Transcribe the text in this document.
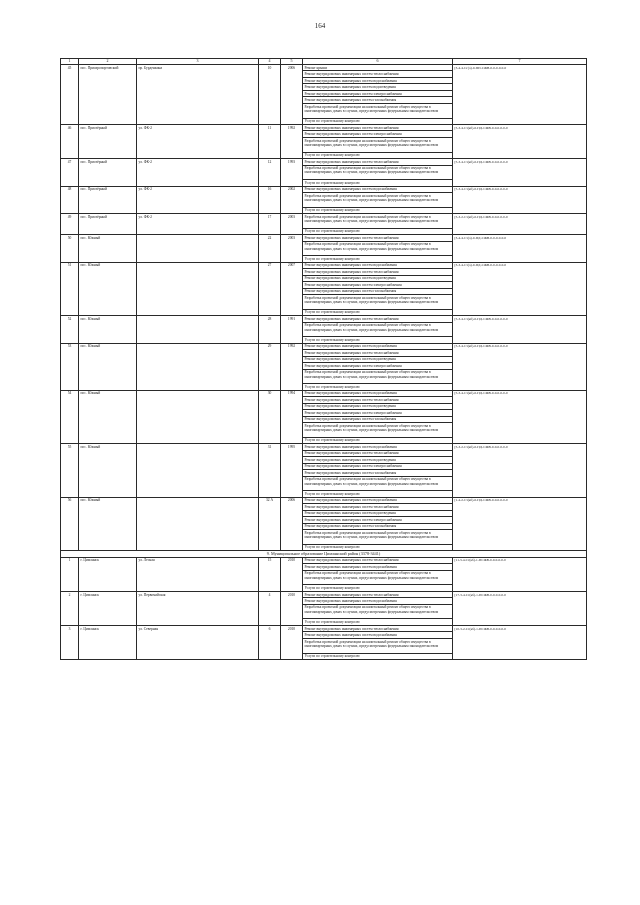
164
1	2	3	4	5	6	7
45	пос. Приаэропортовский	пр. Бурденкина	10	2006	Ремонт крыши	[3-4-4-Сг(ч)-0-ПП-СЖВ-0-0-0-0-0-0
					Ремонт внутридомовых инженерных систем теплоснабжения	
					Ремонт внутридомовых инженерных систем водоснабжения	
					Ремонт внутридомовых инженерных систем водоотведения	
					Ремонт внутридомовых инженерных систем электроснабжения	
					Ремонт внутридомовых инженерных систем газоснабжения	
					Разработка проектной документации на капитальный ремонт общего имущества в многоквартирных домах в случаях, предусмотренных федеральным законодательством	
					Услуги по строительному контролю	
46	пос. Приозёрный	ул. ФК-2	11	1992	Ремонт внутридомовых инженерных систем теплоснабжения	[5-3-4-Ст(кб)-0-ПД-СЖВ-0-0-0-0-0-0
					Ремонт внутридомовых инженерных систем электроснабжения	
					Разработка проектной документации на капитальный ремонт общего имущества в многоквартирных домах в случаях, предусмотренных федеральным законодательством	
					Услуги по строительному контролю	
47	пос. Приозёрный	ул. ФК-2	12	1993	Ремонт внутридомовых инженерных систем теплоснабжения	[5-3-4-Ст(кб)-0-ПД-СЖВ-0-0-0-0-0-0
					Разработка проектной документации на капитальный ремонт общего имущества в многоквартирных домах в случаях, предусмотренных федеральным законодательством	
					Услуги по строительному контролю	
48	пос. Приозёрный	ул. ФК-2	16	2002	Ремонт внутридомовых инженерных систем водоснабжения	[5-3-4-Ст(кб)-0-ПД-СЖВ-0-0-0-0-0-0
					Разработка проектной документации на капитальный ремонт общего имущества в многоквартирных домах в случаях, предусмотренных федеральным законодательством	
					Услуги по строительному контролю	
49	пос. Приозёрный	ул. ФК-2	17	2003	Разработка проектной документации на капитальный ремонт общего имущества в многоквартирных домах в случаях, предусмотренных федеральным законодательством	[5-3-2-Ст(кб)-0-ПД-СЖВ-0-0-0-0-0-0
					Услуги по строительному контролю	
50	пос. Южный		22	2003	Ремонт внутридомовых инженерных систем теплоснабжения	[3-4-4-Ст(ч)-0-ПД-СЖВ-0-0-0-0-0-0
					Разработка проектной документации на капитальный ремонт общего имущества в многоквартирных домах в случаях, предусмотренных федеральным законодательством	
					Услуги по строительному контролю	
51	пос. Южный		27	2007	Ремонт внутридомовых инженерных систем водоснабжения	[3-3-4-Ст(ч)-0-ПД-СЖВ-0-0-0-0-0-0
					Ремонт внутридомовых инженерных систем теплоснабжения	
					Ремонт внутридомовых инженерных систем водоотведения	
					Ремонт внутридомовых инженерных систем электроснабжения	
					Ремонт внутридомовых инженерных систем газоснабжения	
					Разработка проектной документации на капитальный ремонт общего имущества в многоквартирных домах в случаях, предусмотренных федеральным законодательством	
					Услуги по строительному контролю	
52	пос. Южный		28	1991	Ремонт внутридомовых инженерных систем теплоснабжения	[5-3-4-Ст(кб)-0-ПД-СЖВ-0-0-0-0-0-0
					Разработка проектной документации на капитальный ремонт общего имущества в многоквартирных домах в случаях, предусмотренных федеральным законодательством	
					Услуги по строительному контролю	
53	пос. Южный		29	1992	Ремонт внутридомовых инженерных систем водоснабжения	[5-3-4-Ст(кб)-0-ПД-СЖВ-0-0-0-0-0-0
					Ремонт внутридомовых инженерных систем теплоснабжения	
					Ремонт внутридомовых инженерных систем водоотведения	
					Ремонт внутридомовых инженерных систем электроснабжения	
					Разработка проектной документации на капитальный ремонт общего имущества в многоквартирных домах в случаях, предусмотренных федеральным законодательством	
					Услуги по строительному контролю	
54	пос. Южный		30	1994	Ремонт внутридомовых инженерных систем водоснабжения	[5-3-4-Ст(кб)-0-ПД-СЖВ-0-0-0-0-0-0
					Ремонт внутридомовых инженерных систем теплоснабжения	
					Ремонт внутридомовых инженерных систем водоотведения	
					Ремонт внутридомовых инженерных систем электроснабжения	
					Ремонт внутридомовых инженерных систем газоснабжения	
					Разработка проектной документации на капитальный ремонт общего имущества в многоквартирных домах в случаях, предусмотренных федеральным законодательством	
					Услуги по строительному контролю	
55	пос. Южный		31	1995	Ремонт внутридомовых инженерных систем водоснабжения	[5-3-2-Ст(кб)-0-ПД-СЖВ-0-0-0-0-0-0
					Ремонт внутридомовых инженерных систем теплоснабжения	
					Ремонт внутридомовых инженерных систем водоотведения	
					Ремонт внутридомовых инженерных систем электроснабжения	
					Ремонт внутридомовых инженерных систем газоснабжения	
					Разработка проектной документации на капитальный ремонт общего имущества в многоквартирных домах в случаях, предусмотренных федеральным законодательством	
					Услуги по строительному контролю	
56	пос. Южный		32 А	2006	Ремонт внутридомовых инженерных систем водоснабжения	[1-4-2-Ст(кб)-0-ПД-СЖВ-0-0-0-0-0-0
					Ремонт внутридомовых инженерных систем теплоснабжения	
					Ремонт внутридомовых инженерных систем водоотведения	
					Ремонт внутридомовых инженерных систем электроснабжения	
					Ремонт внутридомовых инженерных систем газоснабжения	
					Разработка проектной документации на капитальный ремонт общего имущества в многоквартирных домах в случаях, предусмотренных федеральным законодательством	
					Услуги по строительному контролю	
9. Муниципальное образование Цимлянский район (3378-3441)						
1	г. Цимлянск	ул. Лесная	15	2010	Ремонт внутридомовых инженерных систем теплоснабжения	[11-3-4-Ст(кб)-1-ПСЖВ-0-0-0-0-0-0
					Ремонт внутридомовых инженерных систем водоснабжения	
					Разработка проектной документации на капитальный ремонт общего имущества в многоквартирных домах в случаях, предусмотренных федеральным законодательством	
					Услуги по строительному контролю	
2	г. Цимлянск	ул. Первомайская	4	2010	Ремонт внутридомовых инженерных систем теплоснабжения	[17-3-4-Ст(кб)-1-ПСЖВ-0-0-0-0-0-0
					Ремонт внутридомовых инженерных систем водоснабжения	
					Разработка проектной документации на капитальный ремонт общего имущества в многоквартирных домах в случаях, предусмотренных федеральным законодательством	
					Услуги по строительному контролю	
3	г. Цимлянск	ул. Северная	6	2010	Ремонт внутридомовых инженерных систем теплоснабжения	[10-3-2-Ст(кб)-1-ПСЖВ-0-0-0-0-0-0
					Ремонт внутридомовых инженерных систем водоснабжения	
					Разработка проектной документации на капитальный ремонт общего имущества в многоквартирных домах в случаях, предусмотренных федеральным законодательством	
					Услуги по строительному контролю	
